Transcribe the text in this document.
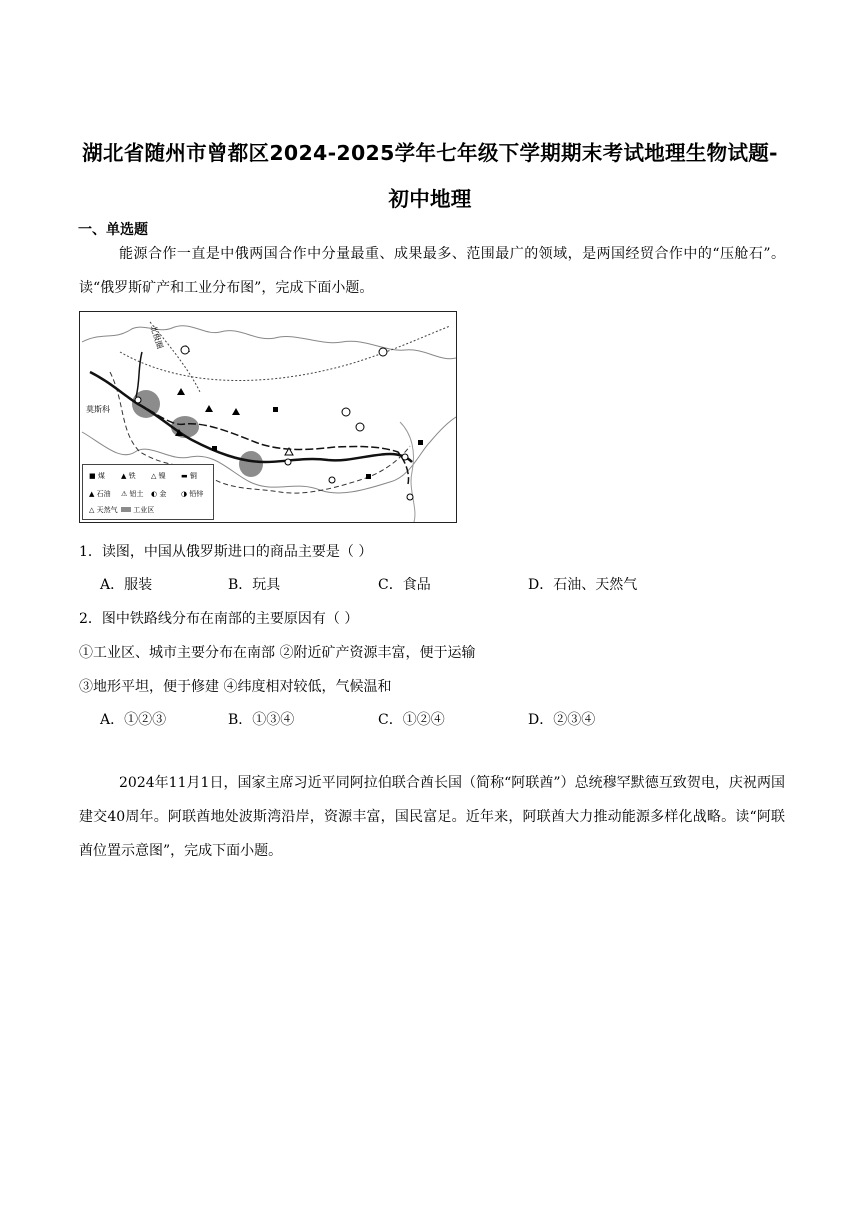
湖北省随州市曾都区2024-2025学年七年级下学期期末考试地理生物试题-
初中地理
一、单选题
能源合作一直是中俄两国合作中分量最重、成果最多、范围最广的领域，是两国经贸合作中的“压舱石”。读“俄罗斯矿产和工业分布图”，完成下面小题。
北极圈
莫斯科
■ 煤 ▲ 铁 △ 镍 ▬ 铜
▲ 石油 ⚠ 铝土 ◐ 金 ◑ 铅锌
△ 天然气	工业区
1．读图，中国从俄罗斯进口的商品主要是（ ）
A．服装	B．玩具	C．食品	D．石油、天然气
2．图中铁路线分布在南部的主要原因有（ ）
①工业区、城市主要分布在南部 ②附近矿产资源丰富，便于运输
③地形平坦，便于修建 ④纬度相对较低，气候温和
A．①②③	B．①③④	C．①②④	D．②③④
2024年11月1日，国家主席习近平同阿拉伯联合酋长国（简称“阿联酋”）总统穆罕默德互致贺电，庆祝两国建交40周年。阿联酋地处波斯湾沿岸，资源丰富，国民富足。近年来，阿联酋大力推动能源多样化战略。读“阿联酋位置示意图”，完成下面小题。
